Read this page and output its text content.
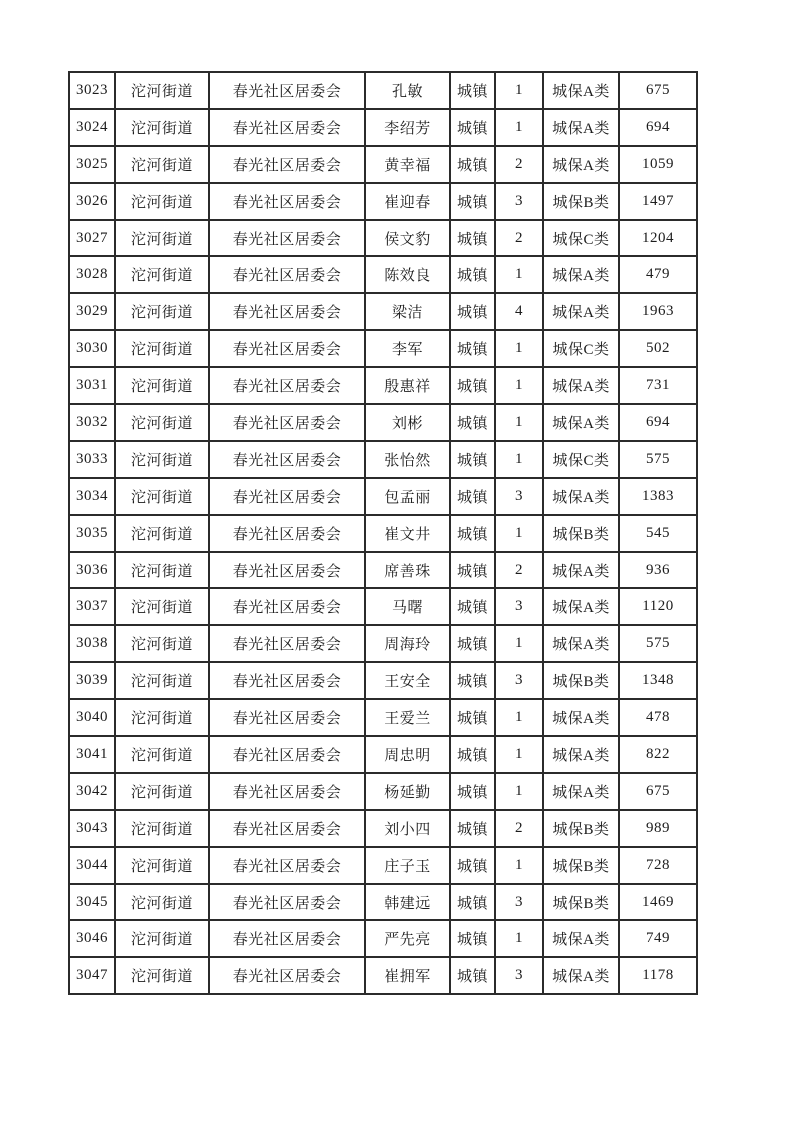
3023	沱河街道	春光社区居委会	孔敏	城镇	1	城保A类	675
3024	沱河街道	春光社区居委会	李绍芳	城镇	1	城保A类	694
3025	沱河街道	春光社区居委会	黄幸福	城镇	2	城保A类	1059
3026	沱河街道	春光社区居委会	崔迎春	城镇	3	城保B类	1497
3027	沱河街道	春光社区居委会	侯文豹	城镇	2	城保C类	1204
3028	沱河街道	春光社区居委会	陈效良	城镇	1	城保A类	479
3029	沱河街道	春光社区居委会	梁洁	城镇	4	城保A类	1963
3030	沱河街道	春光社区居委会	李军	城镇	1	城保C类	502
3031	沱河街道	春光社区居委会	殷惠祥	城镇	1	城保A类	731
3032	沱河街道	春光社区居委会	刘彬	城镇	1	城保A类	694
3033	沱河街道	春光社区居委会	张怡然	城镇	1	城保C类	575
3034	沱河街道	春光社区居委会	包孟丽	城镇	3	城保A类	1383
3035	沱河街道	春光社区居委会	崔文井	城镇	1	城保B类	545
3036	沱河街道	春光社区居委会	席善珠	城镇	2	城保A类	936
3037	沱河街道	春光社区居委会	马曙	城镇	3	城保A类	1120
3038	沱河街道	春光社区居委会	周海玲	城镇	1	城保A类	575
3039	沱河街道	春光社区居委会	王安全	城镇	3	城保B类	1348
3040	沱河街道	春光社区居委会	王爱兰	城镇	1	城保A类	478
3041	沱河街道	春光社区居委会	周忠明	城镇	1	城保A类	822
3042	沱河街道	春光社区居委会	杨延勤	城镇	1	城保A类	675
3043	沱河街道	春光社区居委会	刘小四	城镇	2	城保B类	989
3044	沱河街道	春光社区居委会	庄子玉	城镇	1	城保B类	728
3045	沱河街道	春光社区居委会	韩建远	城镇	3	城保B类	1469
3046	沱河街道	春光社区居委会	严先亮	城镇	1	城保A类	749
3047	沱河街道	春光社区居委会	崔拥军	城镇	3	城保A类	1178
